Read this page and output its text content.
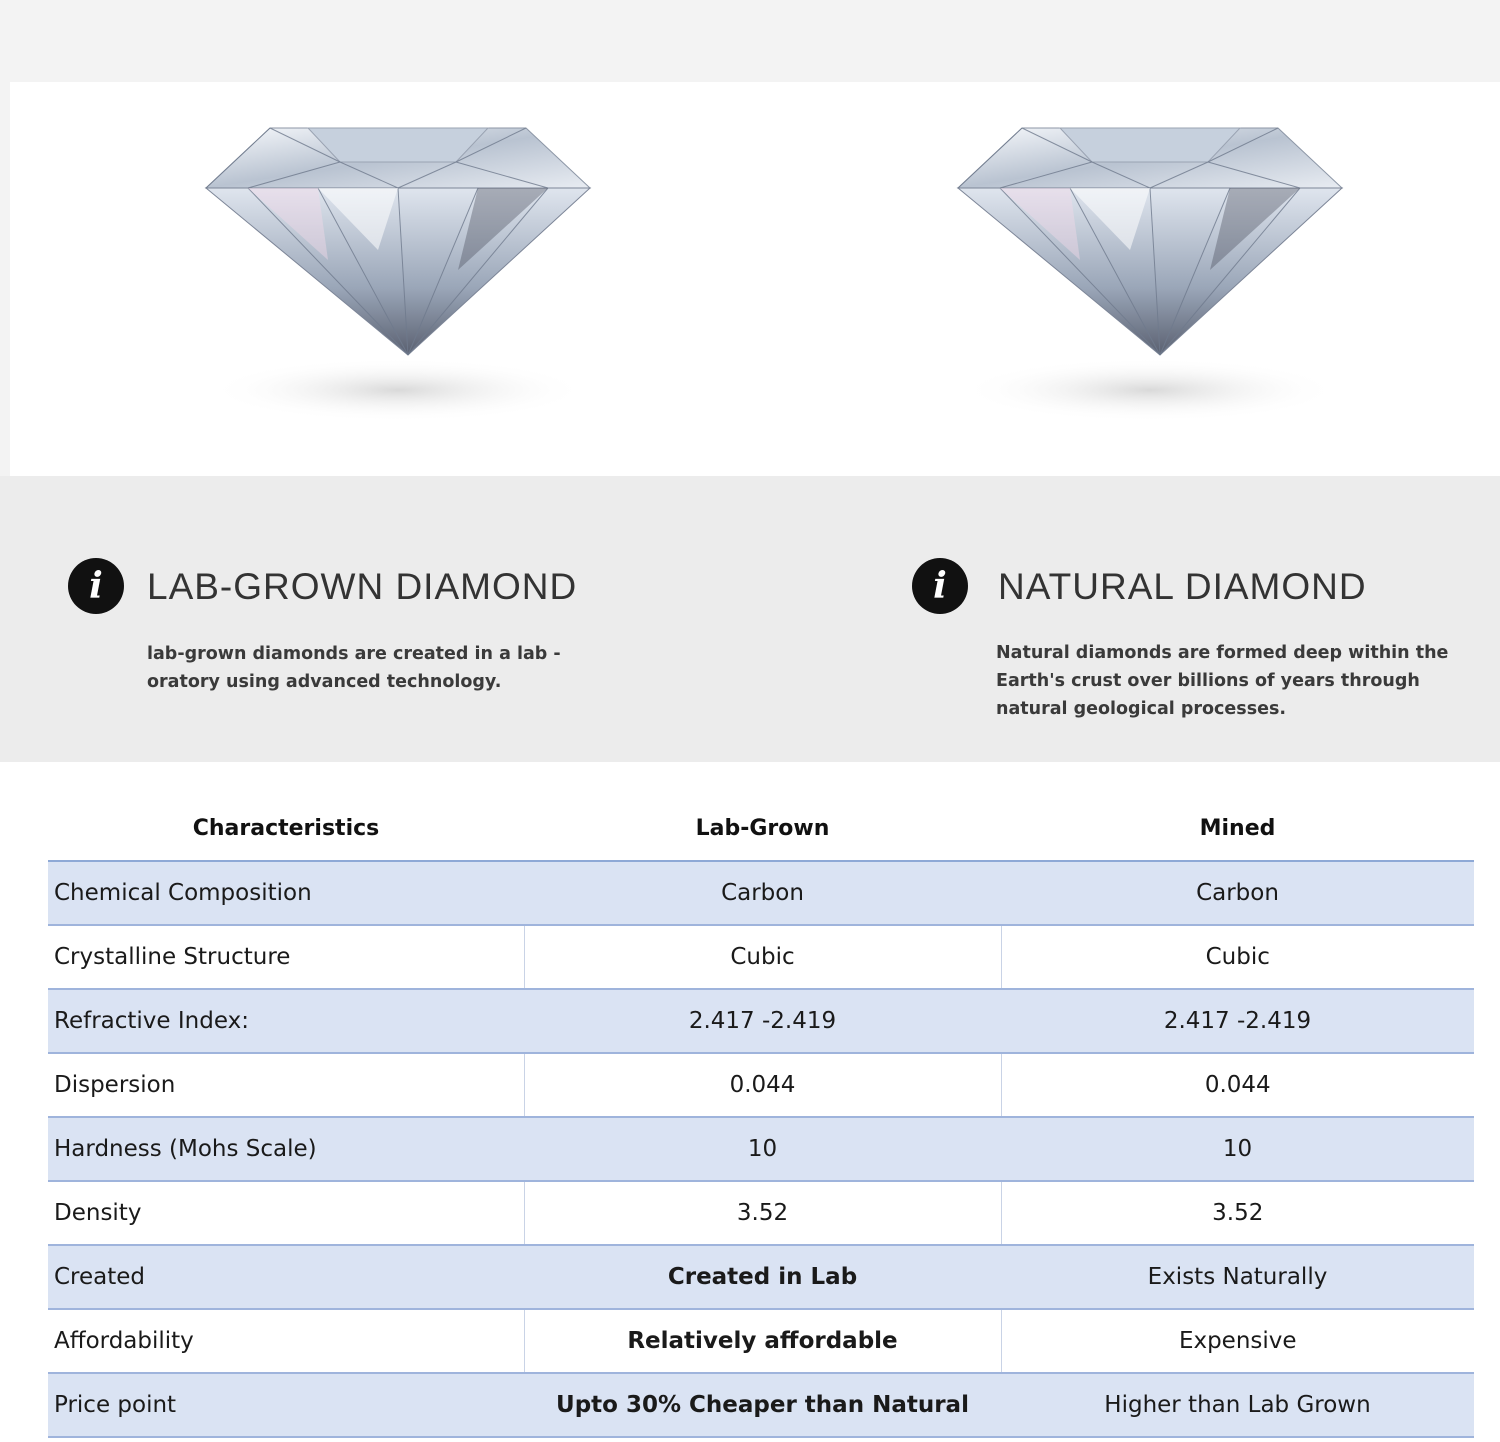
i	LAB-GROWN DIAMOND
lab-grown diamonds are created in a lab -
oratory using advanced technology.
i	NATURAL DIAMOND
Natural diamonds are formed deep within the
Earth's crust over billions of years through
natural geological processes.
Characteristics	Lab-Grown	Mined
Chemical Composition	Carbon	Carbon
Crystalline Structure	Cubic	Cubic
Refractive Index:	2.417 -2.419	2.417 -2.419
Dispersion	0.044	0.044
Hardness (Mohs Scale)	10	10
Density	3.52	3.52
Created	Created in Lab	Exists Naturally
Affordability	Relatively affordable	Expensive
Price point	Upto 30% Cheaper than Natural	Higher than Lab Grown
